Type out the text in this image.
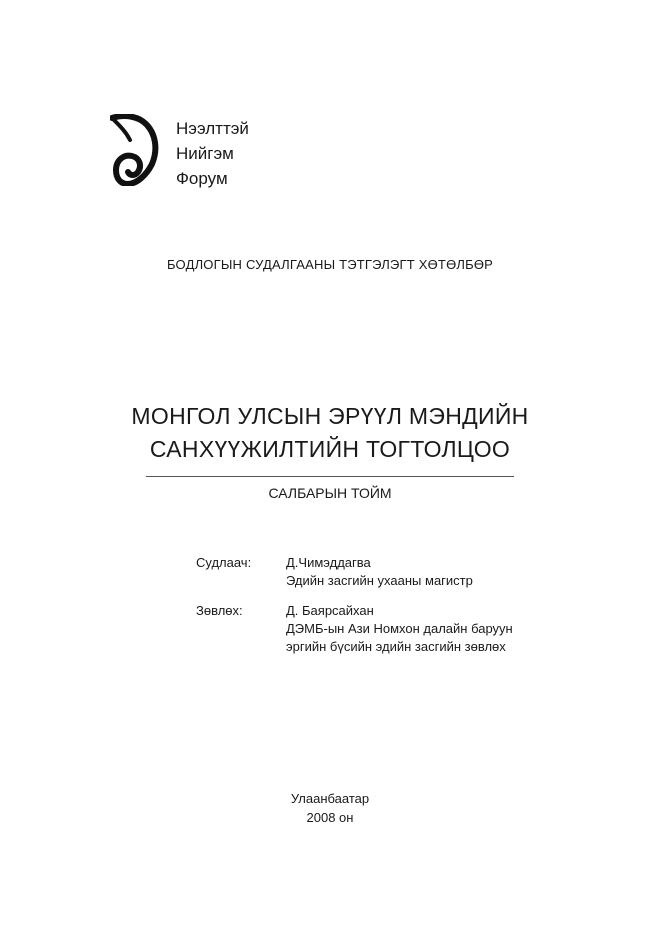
Нээлттэй
Нийгэм
Форум
БОДЛОГЫН СУДАЛГААНЫ ТЭТГЭЛЭГТ ХӨТӨЛБӨР
МОНГОЛ УЛСЫН ЭРҮҮЛ МЭНДИЙН
САНХҮҮЖИЛТИЙН ТОГТОЛЦОО
САЛБАРЫН ТОЙМ
Судлаач:	Д.Чимэддагва
Эдийн засгийн ухааны магистр
Зөвлөх:	Д. Баярсайхан
ДЭМБ-ын Ази Номхон далайн баруун
эргийн бүсийн эдийн засгийн зөвлөх
Улаанбаатар
2008 он
